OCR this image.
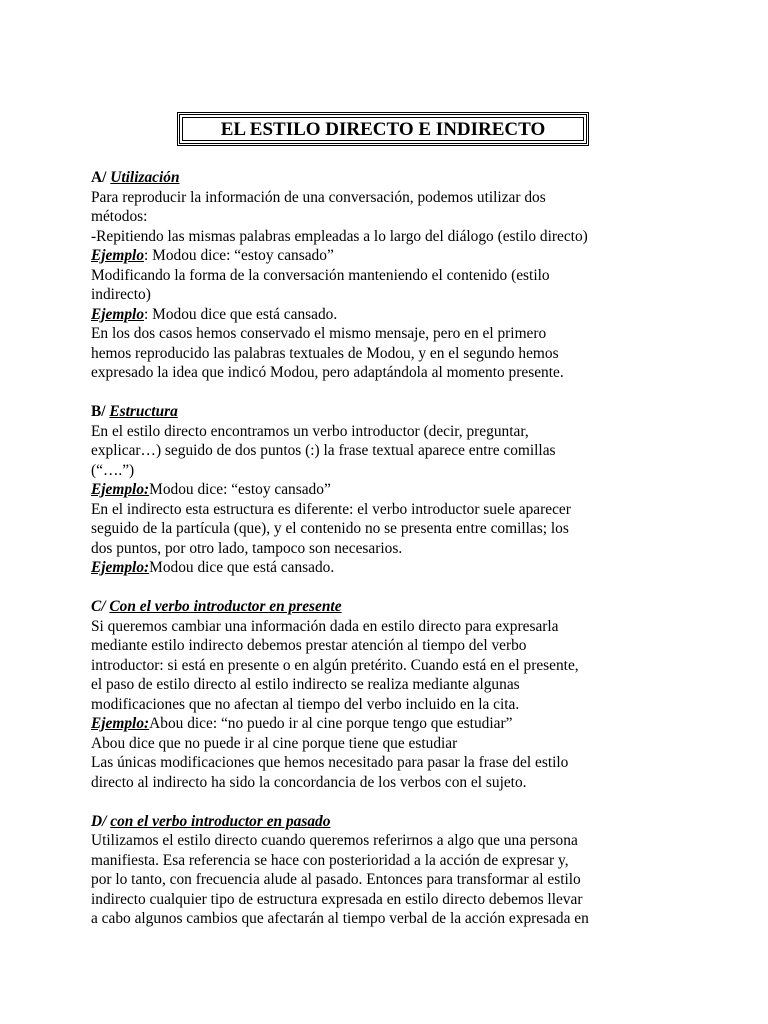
EL ESTILO DIRECTO E INDIRECTO
A/ Utilización
Para reproducir la información de una conversación, podemos utilizar dos
métodos:
-Repitiendo las mismas palabras empleadas a lo largo del diálogo (estilo directo)
Ejemplo: Modou dice: “estoy cansado”
Modificando la forma de la conversación manteniendo el contenido (estilo
indirecto)
Ejemplo: Modou dice que está cansado.
En los dos casos hemos conservado el mismo mensaje, pero en el primero
hemos reproducido las palabras textuales de Modou, y en el segundo hemos
expresado la idea que indicó Modou, pero adaptándola al momento presente.
B/ Estructura
En el estilo directo encontramos un verbo introductor (decir, preguntar,
explicar…) seguido de dos puntos (:) la frase textual aparece entre comillas
(“….”)
Ejemplo:Modou dice: “estoy cansado”
En el indirecto esta estructura es diferente: el verbo introductor suele aparecer
seguido de la partícula (que), y el contenido no se presenta entre comillas; los
dos puntos, por otro lado, tampoco son necesarios.
Ejemplo:Modou dice que está cansado.
C/ Con el verbo introductor en presente
Si queremos cambiar una información dada en estilo directo para expresarla
mediante estilo indirecto debemos prestar atención al tiempo del verbo
introductor: si está en presente o en algún pretérito. Cuando está en el presente,
el paso de estilo directo al estilo indirecto se realiza mediante algunas
modificaciones que no afectan al tiempo del verbo incluido en la cita.
Ejemplo:Abou dice: “no puedo ir al cine porque tengo que estudiar”
Abou dice que no puede ir al cine porque tiene que estudiar
Las únicas modificaciones que hemos necesitado para pasar la frase del estilo
directo al indirecto ha sido la concordancia de los verbos con el sujeto.
D/ con el verbo introductor en pasado
Utilizamos el estilo directo cuando queremos referirnos a algo que una persona
manifiesta. Esa referencia se hace con posterioridad a la acción de expresar y,
por lo tanto, con frecuencia alude al pasado. Entonces para transformar al estilo
indirecto cualquier tipo de estructura expresada en estilo directo debemos llevar
a cabo algunos cambios que afectarán al tiempo verbal de la acción expresada en
